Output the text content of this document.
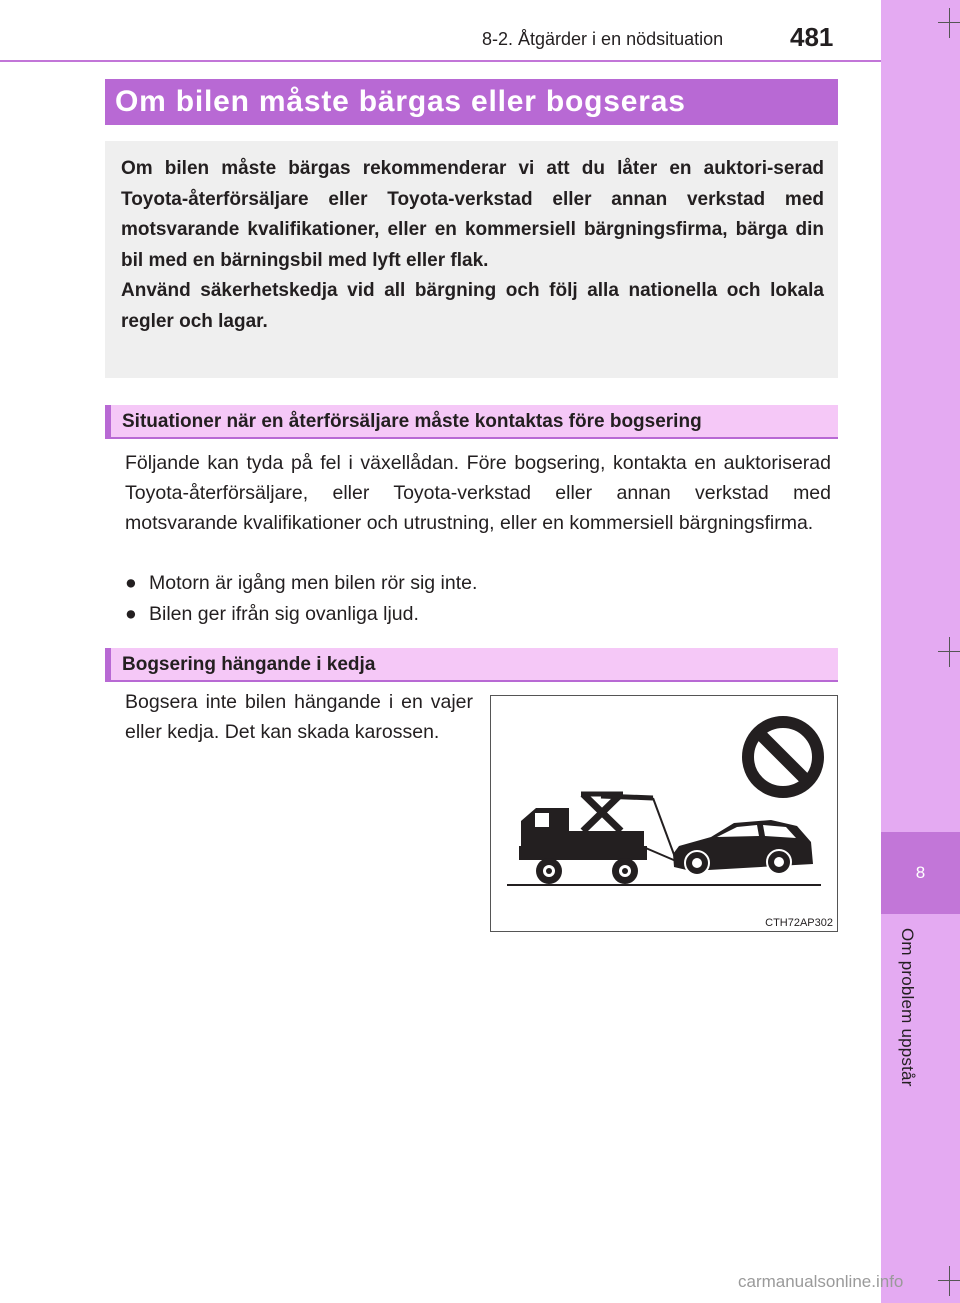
8
Om problem uppstår
8-2. Åtgärder i en nödsituation	481
Om bilen måste bärgas eller bogseras

Om bilen måste bärgas rekommenderar vi att du låter en auktori-serad Toyota-återförsäljare eller Toyota-verkstad eller annan verkstad med motsvarande kvalifikationer, eller en kommersiell bärgningsfirma, bärga din bil med en bärningsbil med lyft eller flak.

Använd säkerhetskedja vid all bärgning och följ alla nationella och lokala regler och lagar.

Situationer när en återförsäljare måste kontaktas före bogsering

Följande kan tyda på fel i växellådan. Före bogsering, kontakta en auktoriserad Toyota-återförsäljare, eller Toyota-verkstad eller annan verkstad med motsvarande kvalifikationer och utrustning, eller en kommersiell bärgningsfirma.

● Motorn är igång men bilen rör sig inte.
● Bilen ger ifrån sig ovanliga ljud.
Bogsering hängande i kedja
Bogsera inte bilen hängande i en vajer eller kedja. Det kan skada karossen.
CTH72AP302
carmanualsonline.info
